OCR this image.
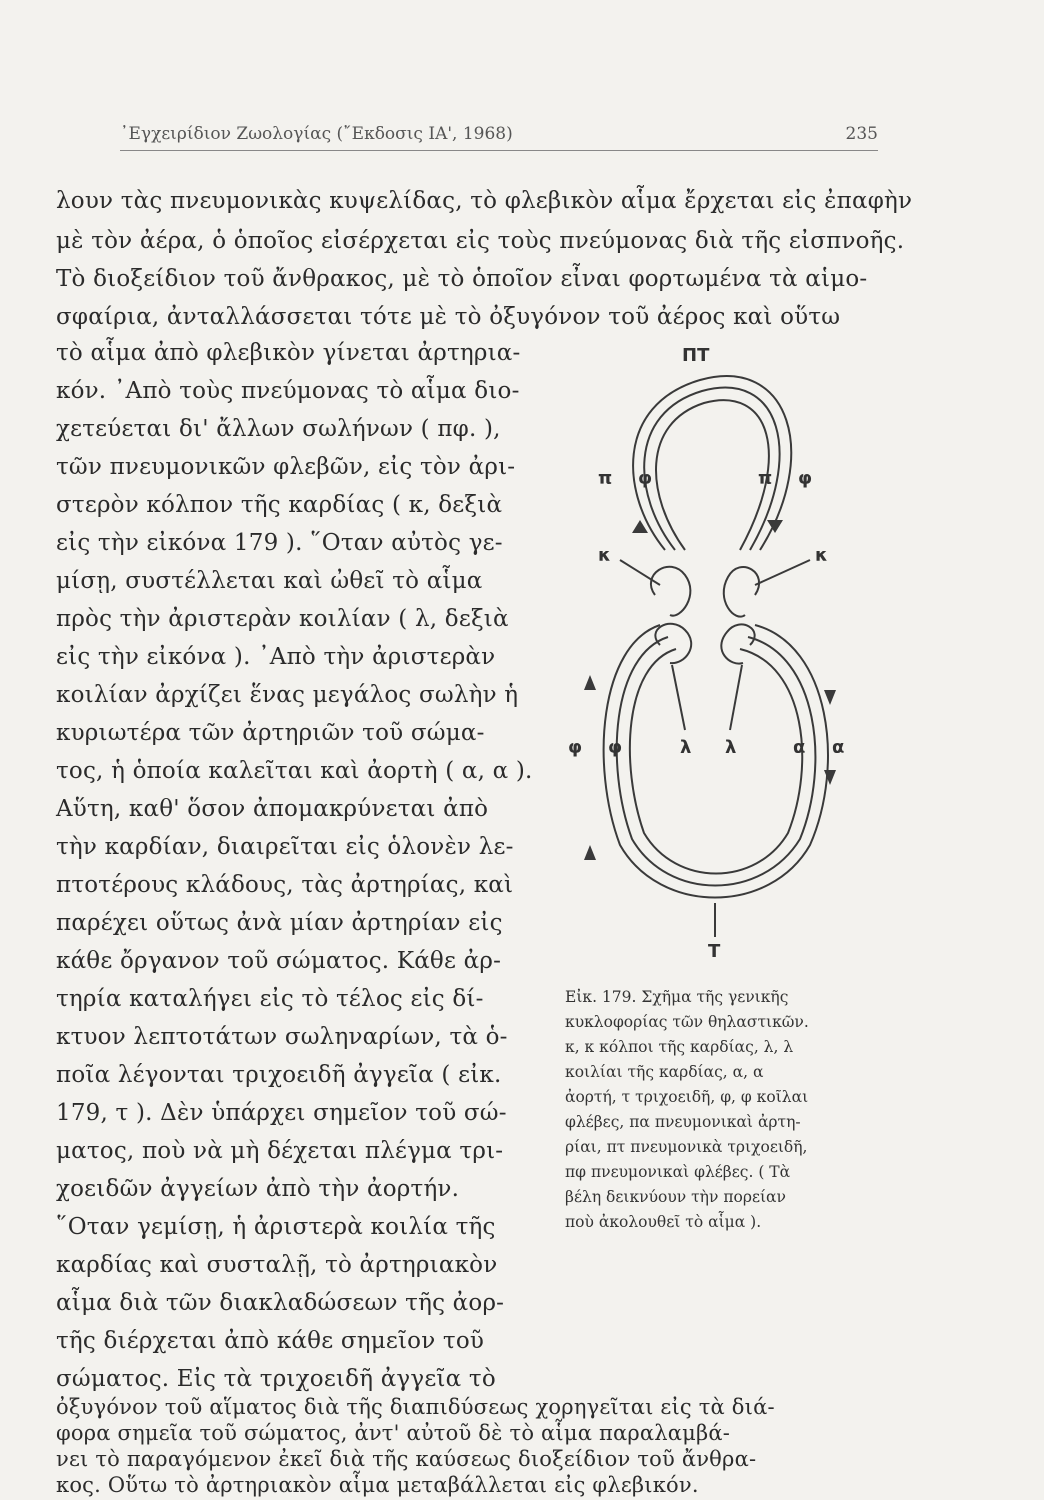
᾿Εγχειρίδιον Ζωολογίας (῎Εκδοσις ΙΑ', 1968)	235
λουν τὰς πνευμονικὰς κυψελίδας, τὸ φλεβικὸν αἷμα ἔρχεται εἰς ἐπαφὴν
μὲ τὸν ἀέρα, ὁ ὁποῖος εἰσέρχεται εἰς τοὺς πνεύμονας διὰ τῆς εἰσπνοῆς.
Τὸ διοξείδιον τοῦ ἄνθρακος, μὲ τὸ ὁποῖον εἶναι φορτωμένα τὰ αἱμο-
σφαίρια, ἀνταλλάσσεται τότε μὲ τὸ ὀξυγόνον τοῦ ἀέρος καὶ οὕτω
τὸ αἷμα ἀπὸ φλεβικὸν γίνεται ἀρτηρια-
κόν. ᾿Απὸ τοὺς πνεύμονας τὸ αἷμα διο-
χετεύεται δι' ἄλλων σωλήνων ( πφ. ),
τῶν πνευμονικῶν φλεβῶν, εἰς τὸν ἀρι-
στερὸν κόλπον τῆς καρδίας ( κ, δεξιὰ
εἰς τὴν εἰκόνα 179 ). ῞Οταν αὐτὸς γε-
μίσῃ, συστέλλεται καὶ ὠθεῖ τὸ αἷμα
πρὸς τὴν ἀριστερὰν κοιλίαν ( λ, δεξιὰ
εἰς τὴν εἰκόνα ). ᾿Απὸ τὴν ἀριστερὰν
κοιλίαν ἀρχίζει ἕνας μεγάλος σωλὴν ἡ
κυριωτέρα τῶν ἀρτηριῶν τοῦ σώμα-
τος, ἡ ὁποία καλεῖται καὶ ἀορτὴ ( α, α ).
Αὕτη, καθ' ὅσον ἀπομακρύνεται ἀπὸ
τὴν καρδίαν, διαιρεῖται εἰς ὁλονὲν λε-
πτοτέρους κλάδους, τὰς ἀρτηρίας, καὶ
παρέχει οὕτως ἀνὰ μίαν ἀρτηρίαν εἰς
κάθε ὄργανον τοῦ σώματος. Κάθε ἀρ-
τηρία καταλήγει εἰς τὸ τέλος εἰς δί-
κτυον λεπτοτάτων σωληναρίων, τὰ ὁ-
ποῖα λέγονται τριχοειδῆ ἀγγεῖα ( εἰκ.
179, τ ). Δὲν ὑπάρχει σημεῖον τοῦ σώ-
ματος, ποὺ νὰ μὴ δέχεται πλέγμα τρι-
χοειδῶν ἀγγείων ἀπὸ τὴν ἀορτήν.
῞Οταν γεμίσῃ, ἡ ἀριστερὰ κοιλία τῆς
καρδίας καὶ συσταλῇ, τὸ ἀρτηριακὸν
αἷμα διὰ τῶν διακλαδώσεων τῆς ἀορ-
τῆς διέρχεται ἀπὸ κάθε σημεῖον τοῦ
σώματος. Εἰς τὰ τριχοειδῆ ἀγγεῖα τὸ
ὀξυγόνον τοῦ αἵματος διὰ τῆς διαπιδύσεως χορηγεῖται εἰς τὰ διά-
φορα σημεῖα τοῦ σώματος, ἀντ' αὐτοῦ δὲ τὸ αἷμα παραλαμβά-
νει τὸ παραγόμενον ἐκεῖ διὰ τῆς καύσεως διοξείδιον τοῦ ἄνθρα-
κος. Οὕτω τὸ ἀρτηριακὸν αἷμα μεταβάλλεται εἰς φλεβικόν.
ΠΤ
π φ	π φ
κ	κ
φ φ	λ λ	α α
Τ
Εἰκ. 179. Σχῆμα τῆς γενικῆς
κυκλοφορίας τῶν θηλαστικῶν.
κ, κ κόλποι τῆς καρδίας, λ, λ
κοιλίαι τῆς καρδίας, α, α
ἀορτή, τ τριχοειδῆ, φ, φ κοῖλαι
φλέβες, πα πνευμονικαὶ ἀρτη-
ρίαι, πτ πνευμονικὰ τριχοειδῆ,
πφ πνευμονικαὶ φλέβες. ( Τὰ
βέλη δεικνύουν τὴν πορείαν
ποὺ ἀκολουθεῖ τὸ αἷμα ).
